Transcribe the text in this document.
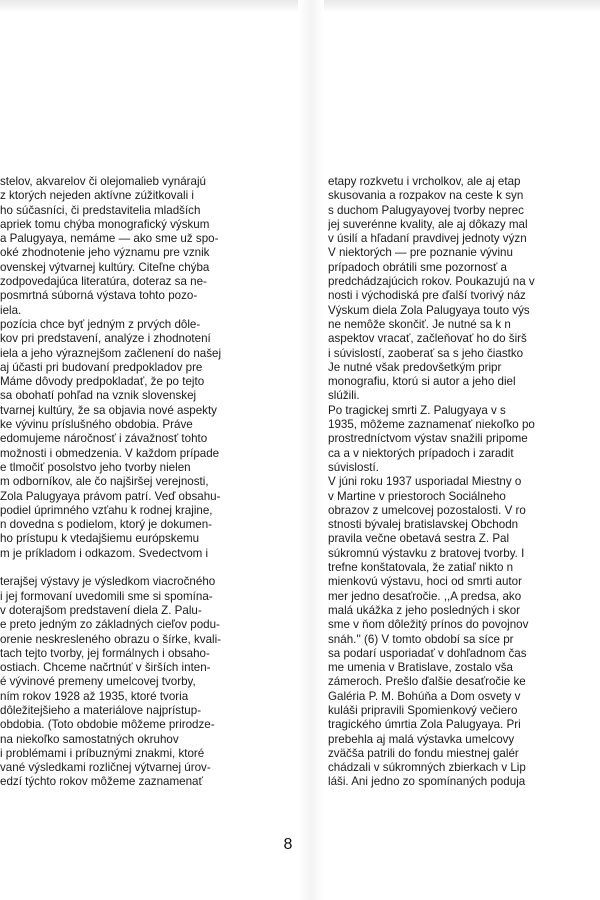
stelov, akvarelov či olejomalieb vynárajú
z ktorých nejeden aktívne zúžitkovali i
ho súčasníci, či predstavitelia mladších
apriek tomu chýba monografický výskum
a Palugyaya, nemáme — ako sme už spo-
oké zhodnotenie jeho významu pre vznik
ovenskej výtvarnej kultúry. Citeľne chýba
zodpovedajúca literatúra, doteraz sa ne-
posmrtná súborná výstava tohto pozo-
iela.
pozícia chce byť jedným z prvých dôle-
kov pri predstavení, analýze i zhodnotení
iela a jeho výraznejšom začlenení do našej
aj účasti pri budovaní predpokladov pre
Máme dôvody predpokladať, že po tejto
sa obohatí pohľad na vznik slovenskej
tvarnej kultúry, že sa objavia nové aspekty
ke vývinu príslušného obdobia. Práve
edomujeme náročnosť i závažnosť tohto
možnosti i obmedzenia. V každom prípade
e tlmočiť posolstvo jeho tvorby nielen
m odborníkov, ale čo najširšej verejnosti,
Zola Palugyaya právom patrí. Veď obsahu-
podiel úprimného vzťahu k rodnej krajine,
n dovedna s podielom, ktorý je dokumen-
ho prístupu k vtedajšiemu európskemu
m je príkladom i odkazom. Svedectvom i

terajšej výstavy je výsledkom viacročného
i jej formovaní uvedomili sme si spomína-
v doterajšom predstavení diela Z. Palu-
e preto jedným zo základných cieľov podu-
orenie neskresleného obrazu o šírke, kvali-
tach tejto tvorby, jej formálnych i obsaho-
ostiach. Chceme načrtnúť v širších inten-
é vývinové premeny umelcovej tvorby,
ním rokov 1928 až 1935, ktoré tvoria
dôležitejšieho a materiálove najprístup-
obdobia. (Toto obdobie môžeme prirodze-
na niekoľko samostatných okruhov
i problémami i príbuznými znakmi, ktoré
vané výsledkami rozličnej výtvarnej úrov-
edzí týchto rokov môžeme zaznamenať
etapy rozkvetu i vrcholkov, ale aj etap
skusovania a rozpakov na ceste k syn
s duchom Palugyayovej tvorby neprec
jej suverénne kvality, ale aj dôkazy mal
v úsilí a hľadaní pravdivej jednoty význ
V niektorých — pre poznanie vývinu
prípadoch obrátili sme pozornosť a
predchádzajúcich rokov. Poukazujú na v
nosti i východiská pre ďalší tvorivý náz
Výskum diela Zola Palugyaya touto výs
ne nemôže skončiť. Je nutné sa k n
aspektov vracať, začleňovať ho do širš
i súvislostí, zaoberať sa s jeho čiastko
Je nutné však predovšetkým pripr
monografiu, ktorú si autor a jeho diel
slúžili.
Po tragickej smrti Z. Palugyaya v s
1935, môžeme zaznamenať niekoľko po
prostredníctvom výstav snažili pripome
ca a v niektorých prípadoch i zaradit
súvislostí.
V júni roku 1937 usporiadal Miestny o
v Martine v priestoroch Sociálneho
obrazov z umelcovej pozostalosti. V ro
stnosti bývalej bratislavskej Obchodn
pravila večne obetavá sestra Z. Pal
súkromnú výstavku z bratovej tvorby. I
trefne konštatovala, že zatiaľ nikto n
mienkovú výstavu, hoci od smrti autor
mer jedno desaťročie. ,,A predsa, ako
malá ukážka z jeho posledných i skor
sme v ňom dôležitý prínos do povojnov
snáh.'' (6) V tomto období sa síce pr
sa podarí usporiadať v dohľadnom čas
me umenia v Bratislave, zostalo vša
zámeroch. Prešlo ďalšie desaťročie ke
Galéria P. M. Bohúňa a Dom osvety v
kuláši pripravili Spomienkový večiero
tragického úmrtia Zola Palugyaya. Pri
prebehla aj malá výstavka umelcovy
zväčša patrili do fondu miestnej galér
chádzali v súkromných zbierkach v Lip
láši. Ani jedno zo spomínaných poduja
8
